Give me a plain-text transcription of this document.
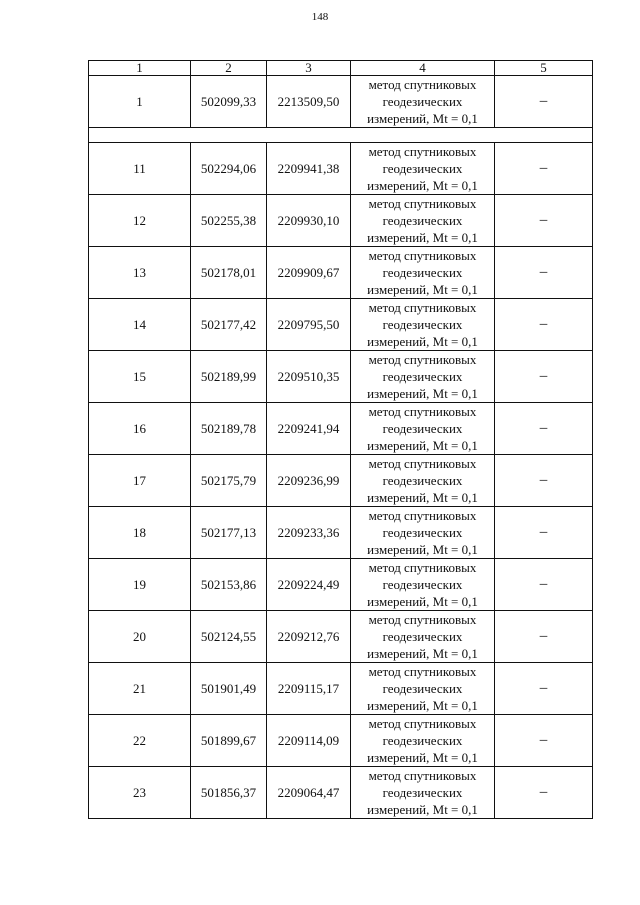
148
1	2	3	4	5
1	502099,33	2213509,50	метод спутниковых
геодезических
измерений, Mt = 0,1	–

11	502294,06	2209941,38	метод спутниковых
геодезических
измерений, Mt = 0,1	–
12	502255,38	2209930,10	метод спутниковых
геодезических
измерений, Mt = 0,1	–
13	502178,01	2209909,67	метод спутниковых
геодезических
измерений, Mt = 0,1	–
14	502177,42	2209795,50	метод спутниковых
геодезических
измерений, Mt = 0,1	–
15	502189,99	2209510,35	метод спутниковых
геодезических
измерений, Mt = 0,1	–
16	502189,78	2209241,94	метод спутниковых
геодезических
измерений, Mt = 0,1	–
17	502175,79	2209236,99	метод спутниковых
геодезических
измерений, Mt = 0,1	–
18	502177,13	2209233,36	метод спутниковых
геодезических
измерений, Mt = 0,1	–
19	502153,86	2209224,49	метод спутниковых
геодезических
измерений, Mt = 0,1	–
20	502124,55	2209212,76	метод спутниковых
геодезических
измерений, Mt = 0,1	–
21	501901,49	2209115,17	метод спутниковых
геодезических
измерений, Mt = 0,1	–
22	501899,67	2209114,09	метод спутниковых
геодезических
измерений, Mt = 0,1	–
23	501856,37	2209064,47	метод спутниковых
геодезических
измерений, Mt = 0,1	–
